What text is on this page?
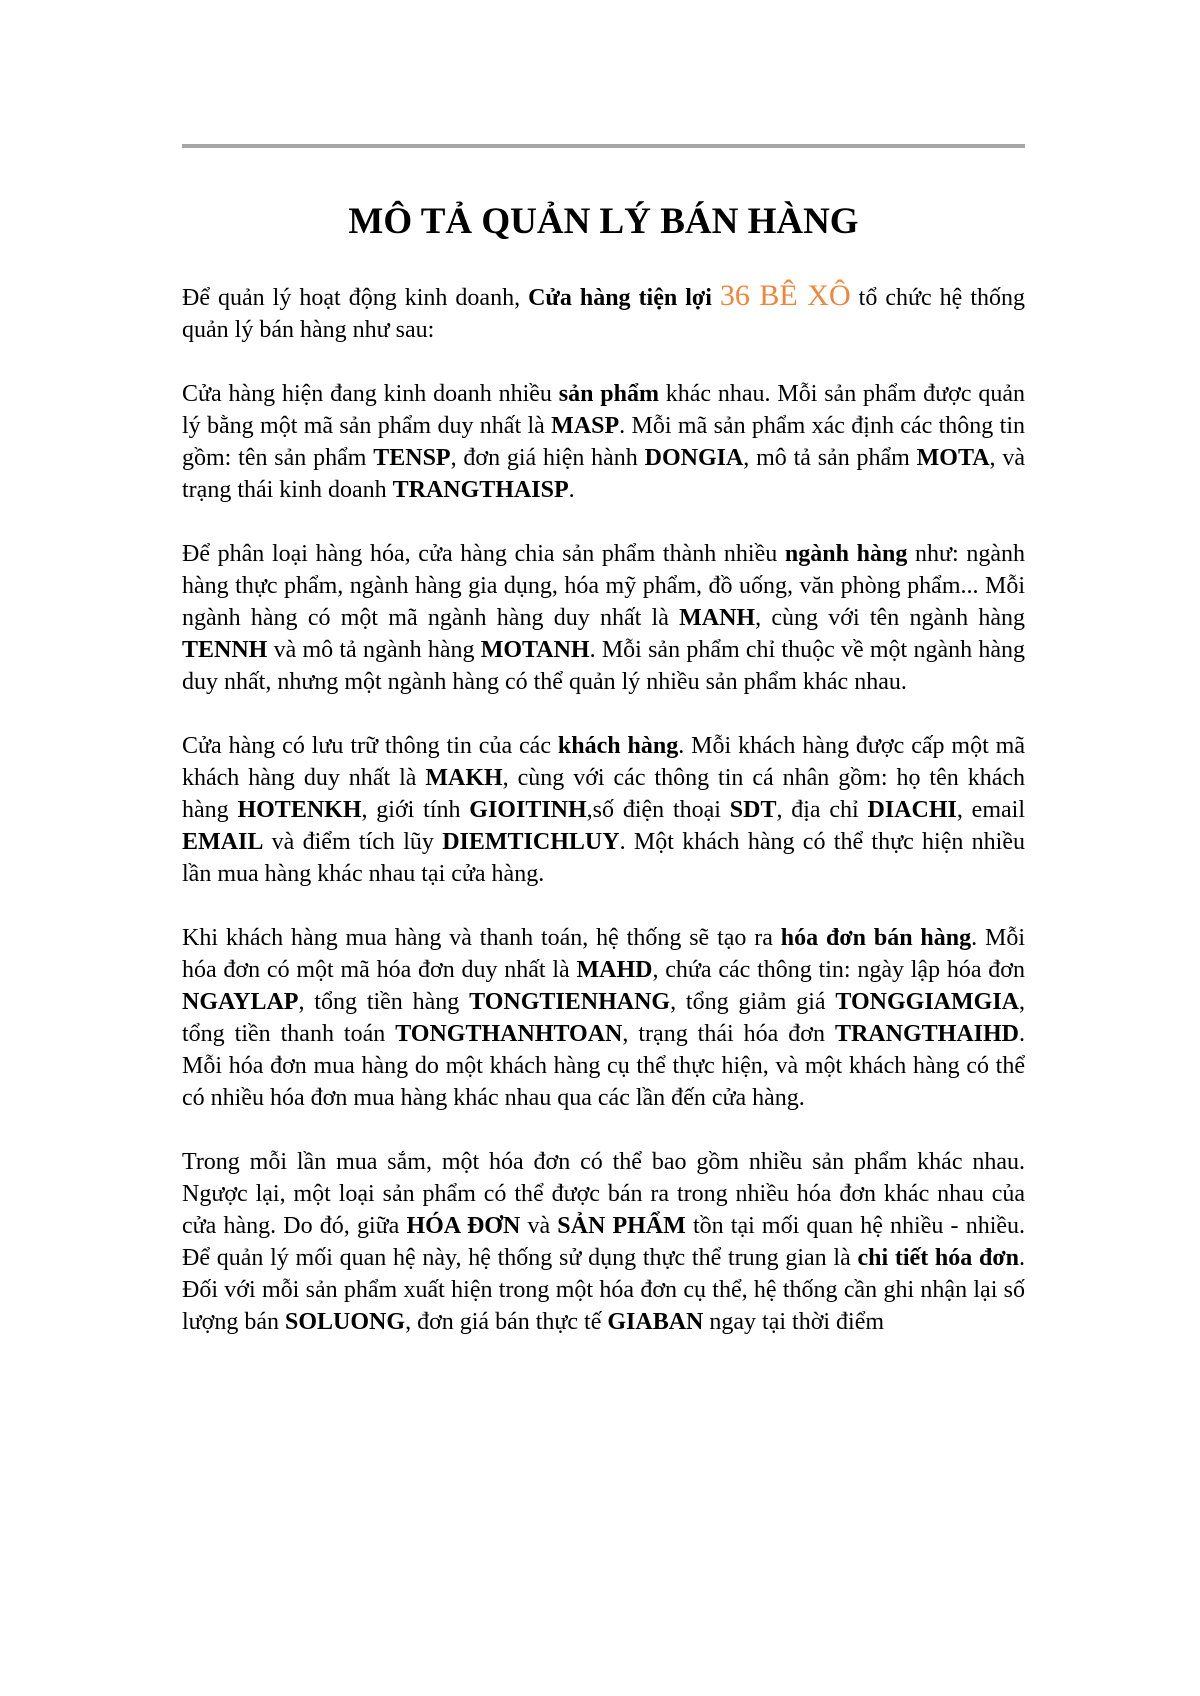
MÔ TẢ QUẢN LÝ BÁN HÀNG

Để quản lý hoạt động kinh doanh, Cửa hàng tiện lợi 36 BÊ XÔ tổ chức hệ thống quản lý bán hàng như sau:

Cửa hàng hiện đang kinh doanh nhiều sản phẩm khác nhau. Mỗi sản phẩm được quản lý bằng một mã sản phẩm duy nhất là MASP. Mỗi mã sản phẩm xác định các thông tin gồm: tên sản phẩm TENSP, đơn giá hiện hành DONGIA, mô tả sản phẩm MOTA, và trạng thái kinh doanh TRANGTHAISP.

Để phân loại hàng hóa, cửa hàng chia sản phẩm thành nhiều ngành hàng như: ngành hàng thực phẩm, ngành hàng gia dụng, hóa mỹ phẩm, đồ uống, văn phòng phẩm... Mỗi ngành hàng có một mã ngành hàng duy nhất là MANH, cùng với tên ngành hàng TENNH và mô tả ngành hàng MOTANH. Mỗi sản phẩm chỉ thuộc về một ngành hàng duy nhất, nhưng một ngành hàng có thể quản lý nhiều sản phẩm khác nhau.

Cửa hàng có lưu trữ thông tin của các khách hàng. Mỗi khách hàng được cấp một mã khách hàng duy nhất là MAKH, cùng với các thông tin cá nhân gồm: họ tên khách hàng HOTENKH, giới tính GIOITINH,số điện thoại SDT, địa chỉ DIACHI, email EMAIL và điểm tích lũy DIEMTICHLUY. Một khách hàng có thể thực hiện nhiều lần mua hàng khác nhau tại cửa hàng.

Khi khách hàng mua hàng và thanh toán, hệ thống sẽ tạo ra hóa đơn bán hàng. Mỗi hóa đơn có một mã hóa đơn duy nhất là MAHD, chứa các thông tin: ngày lập hóa đơn NGAYLAP, tổng tiền hàng TONGTIENHANG, tổng giảm giá TONGGIAMGIA, tổng tiền thanh toán TONGTHANHTOAN, trạng thái hóa đơn TRANGTHAIHD. Mỗi hóa đơn mua hàng do một khách hàng cụ thể thực hiện, và một khách hàng có thể có nhiều hóa đơn mua hàng khác nhau qua các lần đến cửa hàng.

Trong mỗi lần mua sắm, một hóa đơn có thể bao gồm nhiều sản phẩm khác nhau. Ngược lại, một loại sản phẩm có thể được bán ra trong nhiều hóa đơn khác nhau của cửa hàng. Do đó, giữa HÓA ĐƠN và SẢN PHẨM tồn tại mối quan hệ nhiều - nhiều. Để quản lý mối quan hệ này, hệ thống sử dụng thực thể trung gian là chi tiết hóa đơn. Đối với mỗi sản phẩm xuất hiện trong một hóa đơn cụ thể, hệ thống cần ghi nhận lại số lượng bán SOLUONG, đơn giá bán thực tế GIABAN ngay tại thời điểm
